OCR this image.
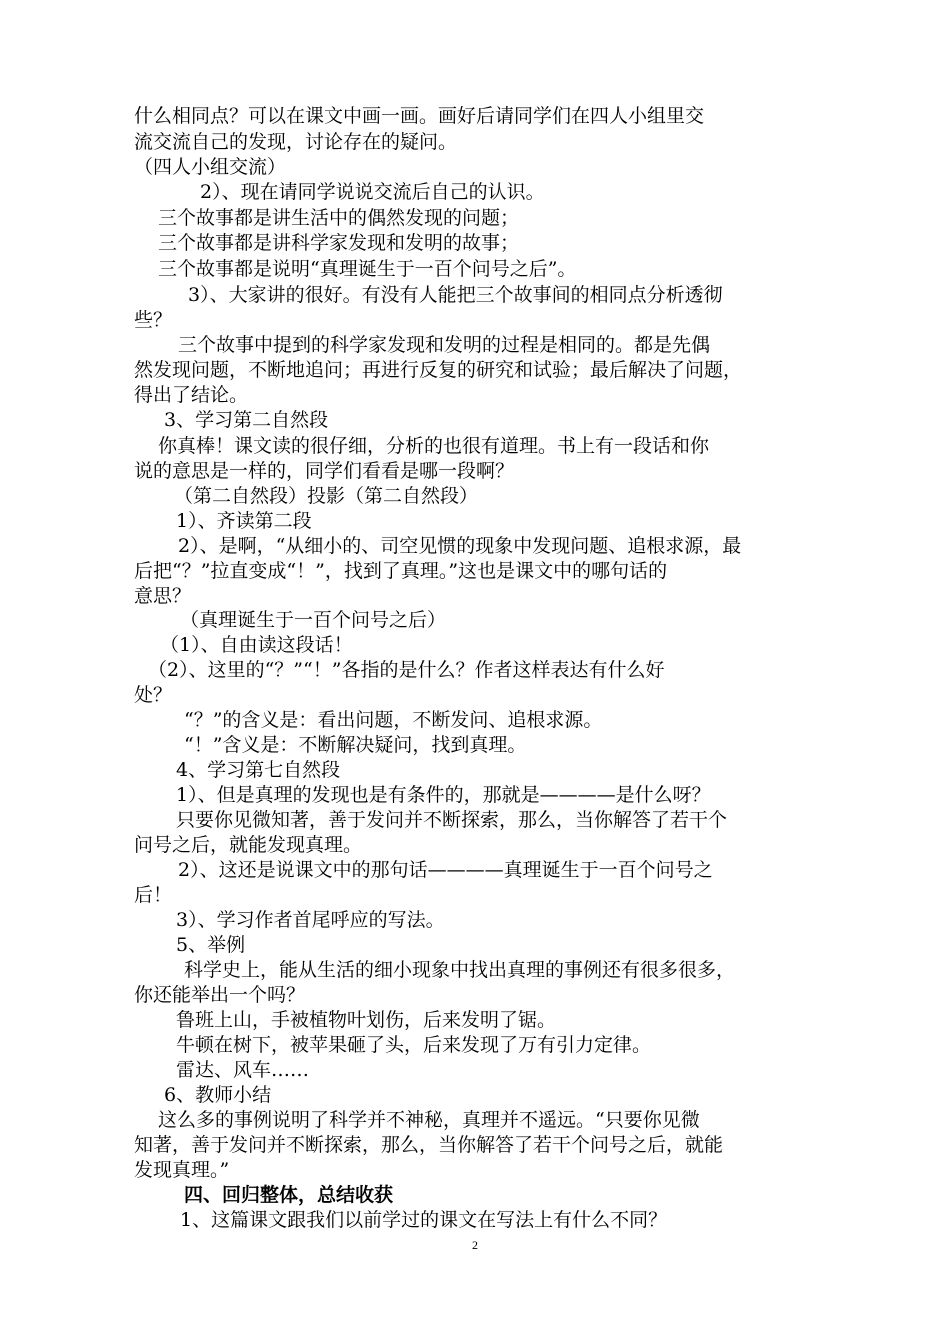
什么相同点？可以在课文中画一画。画好后请同学们在四人小组里交
流交流自己的发现，讨论存在的疑问。
（四人小组交流）
2）、现在请同学说说交流后自己的认识。
三个故事都是讲生活中的偶然发现的问题；
三个故事都是讲科学家发现和发明的故事；
三个故事都是说明“真理诞生于一百个问号之后”。
3）、大家讲的很好。有没有人能把三个故事间的相同点分析透彻
些？
三个故事中提到的科学家发现和发明的过程是相同的。都是先偶
然发现问题，不断地追问；再进行反复的研究和试验；最后解决了问题，
得出了结论。
3、学习第二自然段
你真棒！课文读的很仔细，分析的也很有道理。书上有一段话和你
说的意思是一样的，同学们看看是哪一段啊？
（第二自然段）投影（第二自然段）
1）、齐读第二段
2）、是啊，“从细小的、司空见惯的现象中发现问题、追根求源，最
后把“？”拉直变成“！”，找到了真理。”这也是课文中的哪句话的
意思？
（真理诞生于一百个问号之后）
（1）、自由读这段话！
（2）、这里的“？”“！”各指的是什么？作者这样表达有什么好
处？
“？”的含义是：看出问题，不断发问、追根求源。
“！”含义是：不断解决疑问，找到真理。
4、学习第七自然段
1）、但是真理的发现也是有条件的，那就是————是什么呀？
只要你见微知著，善于发问并不断探索，那么，当你解答了若干个
问号之后，就能发现真理。
2）、这还是说课文中的那句话————真理诞生于一百个问号之
后！
3）、学习作者首尾呼应的写法。
5、举例
科学史上，能从生活的细小现象中找出真理的事例还有很多很多，
你还能举出一个吗？
鲁班上山，手被植物叶划伤，后来发明了锯。
牛顿在树下，被苹果砸了头，后来发现了万有引力定律。
雷达、风车……
6、教师小结
这么多的事例说明了科学并不神秘，真理并不遥远。“只要你见微
知著，善于发问并不断探索，那么，当你解答了若干个问号之后，就能
发现真理。”
四、回归整体，总结收获
1、这篇课文跟我们以前学过的课文在写法上有什么不同？
2
